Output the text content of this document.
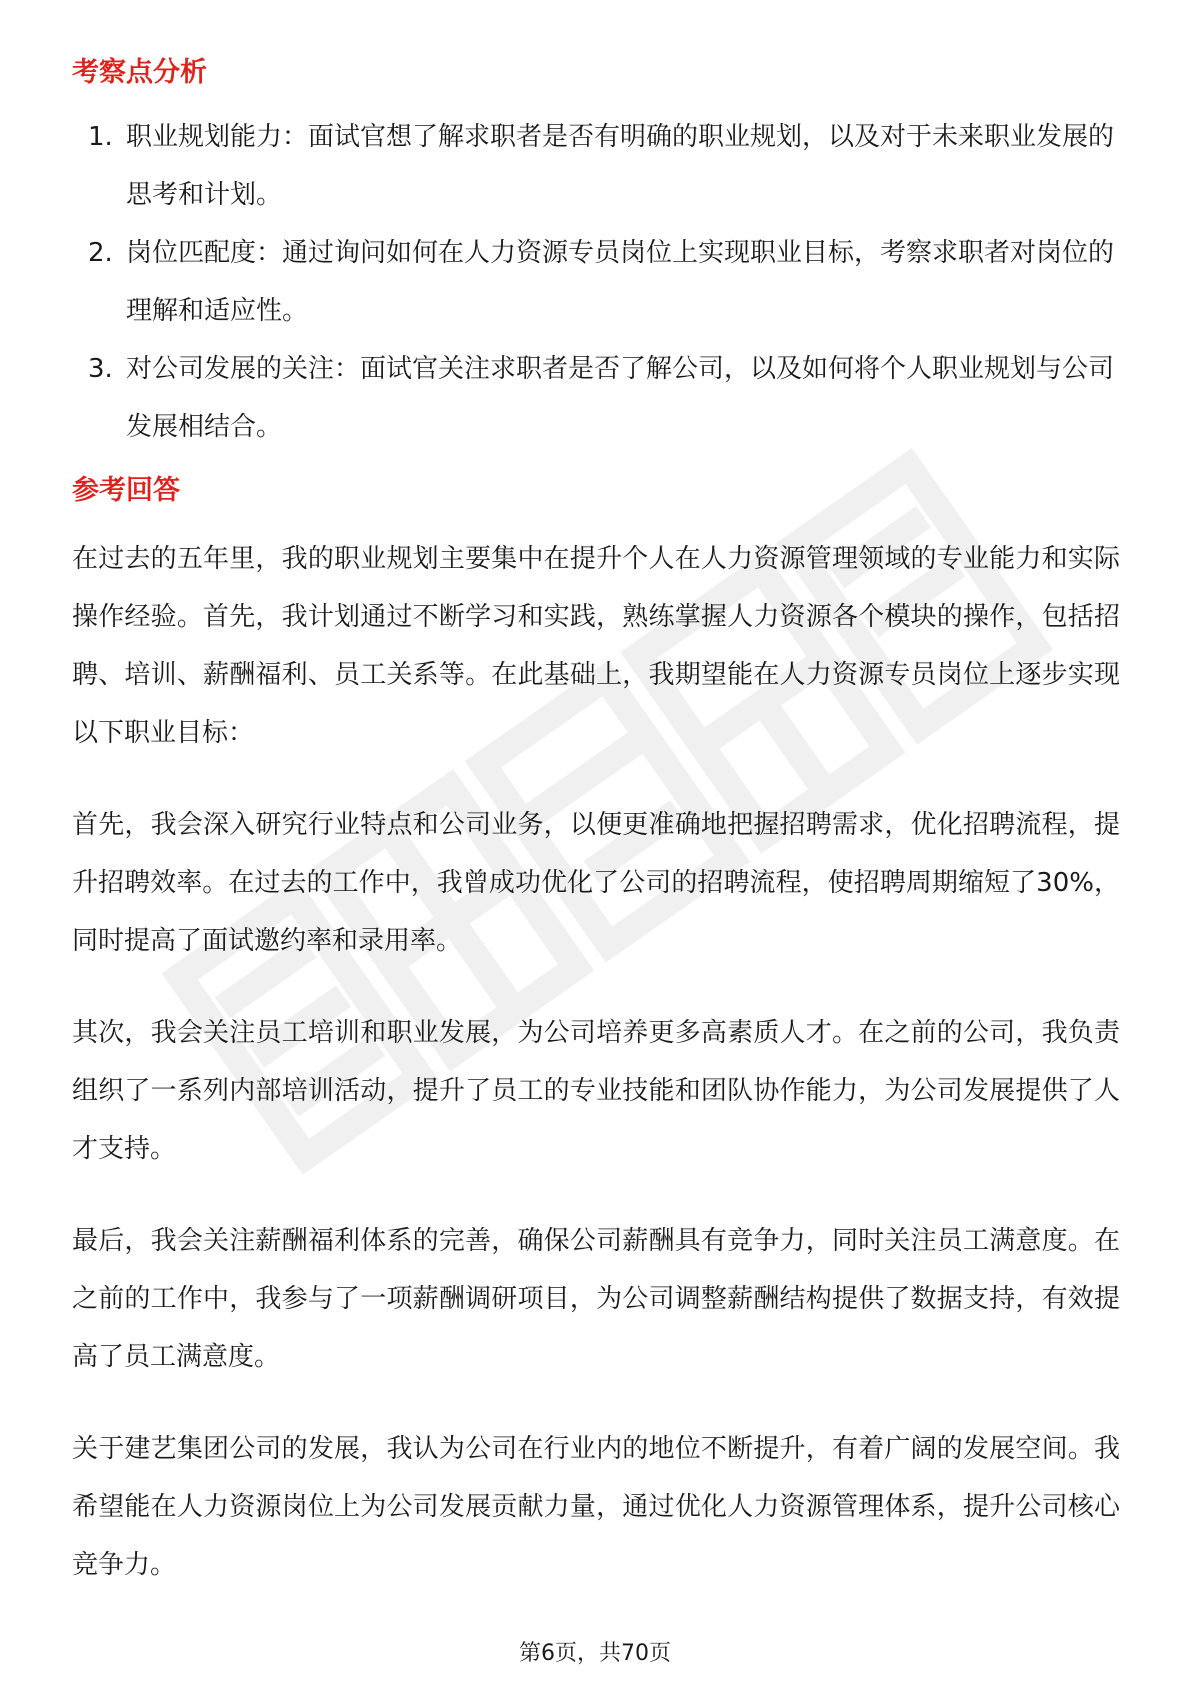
考察点分析
1. 职业规划能力：面试官想了解求职者是否有明确的职业规划，以及对于未来职业发展的思考和计划。
2. 岗位匹配度：通过询问如何在人力资源专员岗位上实现职业目标，考察求职者对岗位的理解和适应性。
3. 对公司发展的关注：面试官关注求职者是否了解公司，以及如何将个人职业规划与公司发展相结合。
参考回答

在过去的五年里，我的职业规划主要集中在提升个人在人力资源管理领域的专业能力和实际操作经验。首先，我计划通过不断学习和实践，熟练掌握人力资源各个模块的操作，包括招聘、培训、薪酬福利、员工关系等。在此基础上，我期望能在人力资源专员岗位上逐步实现以下职业目标：

首先，我会深入研究行业特点和公司业务，以便更准确地把握招聘需求，优化招聘流程，提升招聘效率。在过去的工作中，我曾成功优化了公司的招聘流程，使招聘周期缩短了30%，同时提高了面试邀约率和录用率。

其次，我会关注员工培训和职业发展，为公司培养更多高素质人才。在之前的公司，我负责组织了一系列内部培训活动，提升了员工的专业技能和团队协作能力，为公司发展提供了人才支持。

最后，我会关注薪酬福利体系的完善，确保公司薪酬具有竞争力，同时关注员工满意度。在之前的工作中，我参与了一项薪酬调研项目，为公司调整薪酬结构提供了数据支持，有效提高了员工满意度。

关于建艺集团公司的发展，我认为公司在行业内的地位不断提升，有着广阔的发展空间。我希望能在人力资源岗位上为公司发展贡献力量，通过优化人力资源管理体系，提升公司核心竞争力。

第6页，共70页
